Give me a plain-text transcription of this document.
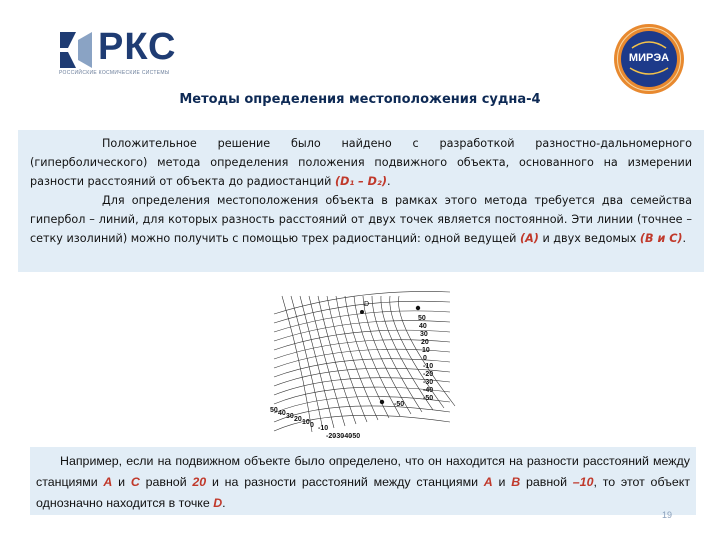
РКС
РОССИЙСКИЕ КОСМИЧЕСКИЕ СИСТЕМЫ
МИРЭА
Методы определения местоположения судна-4

Положительное решение было найдено с разработкой разностно-дальномерного (гиперболического) метода определения положения подвижного объекта, основанного на измерении разности расстояний от объекта до радиостанций (D₁ – D₂).

Для определения местоположения объекта в рамках этого метода требуется два семейства гипербол – линий, для которых разность расстояний от двух точек является постоянной. Эти линии (точнее – сетку изолиний) можно получить с помощью трех радиостанций: одной ведущей (А) и двух ведомых (В и С).

50 40 30 20 10 0 -10
-20
-30
-40
-50
50
40
30
20
10
0
-10
-20
-30
-40
-50
-50
D

Например, если на подвижном объекте было определено, что он находится на разности расстояний между станциями А и С равной 20 и на разности расстояний между станциями А и В равной –10, то этот объект однозначно находится в точке D.

19
